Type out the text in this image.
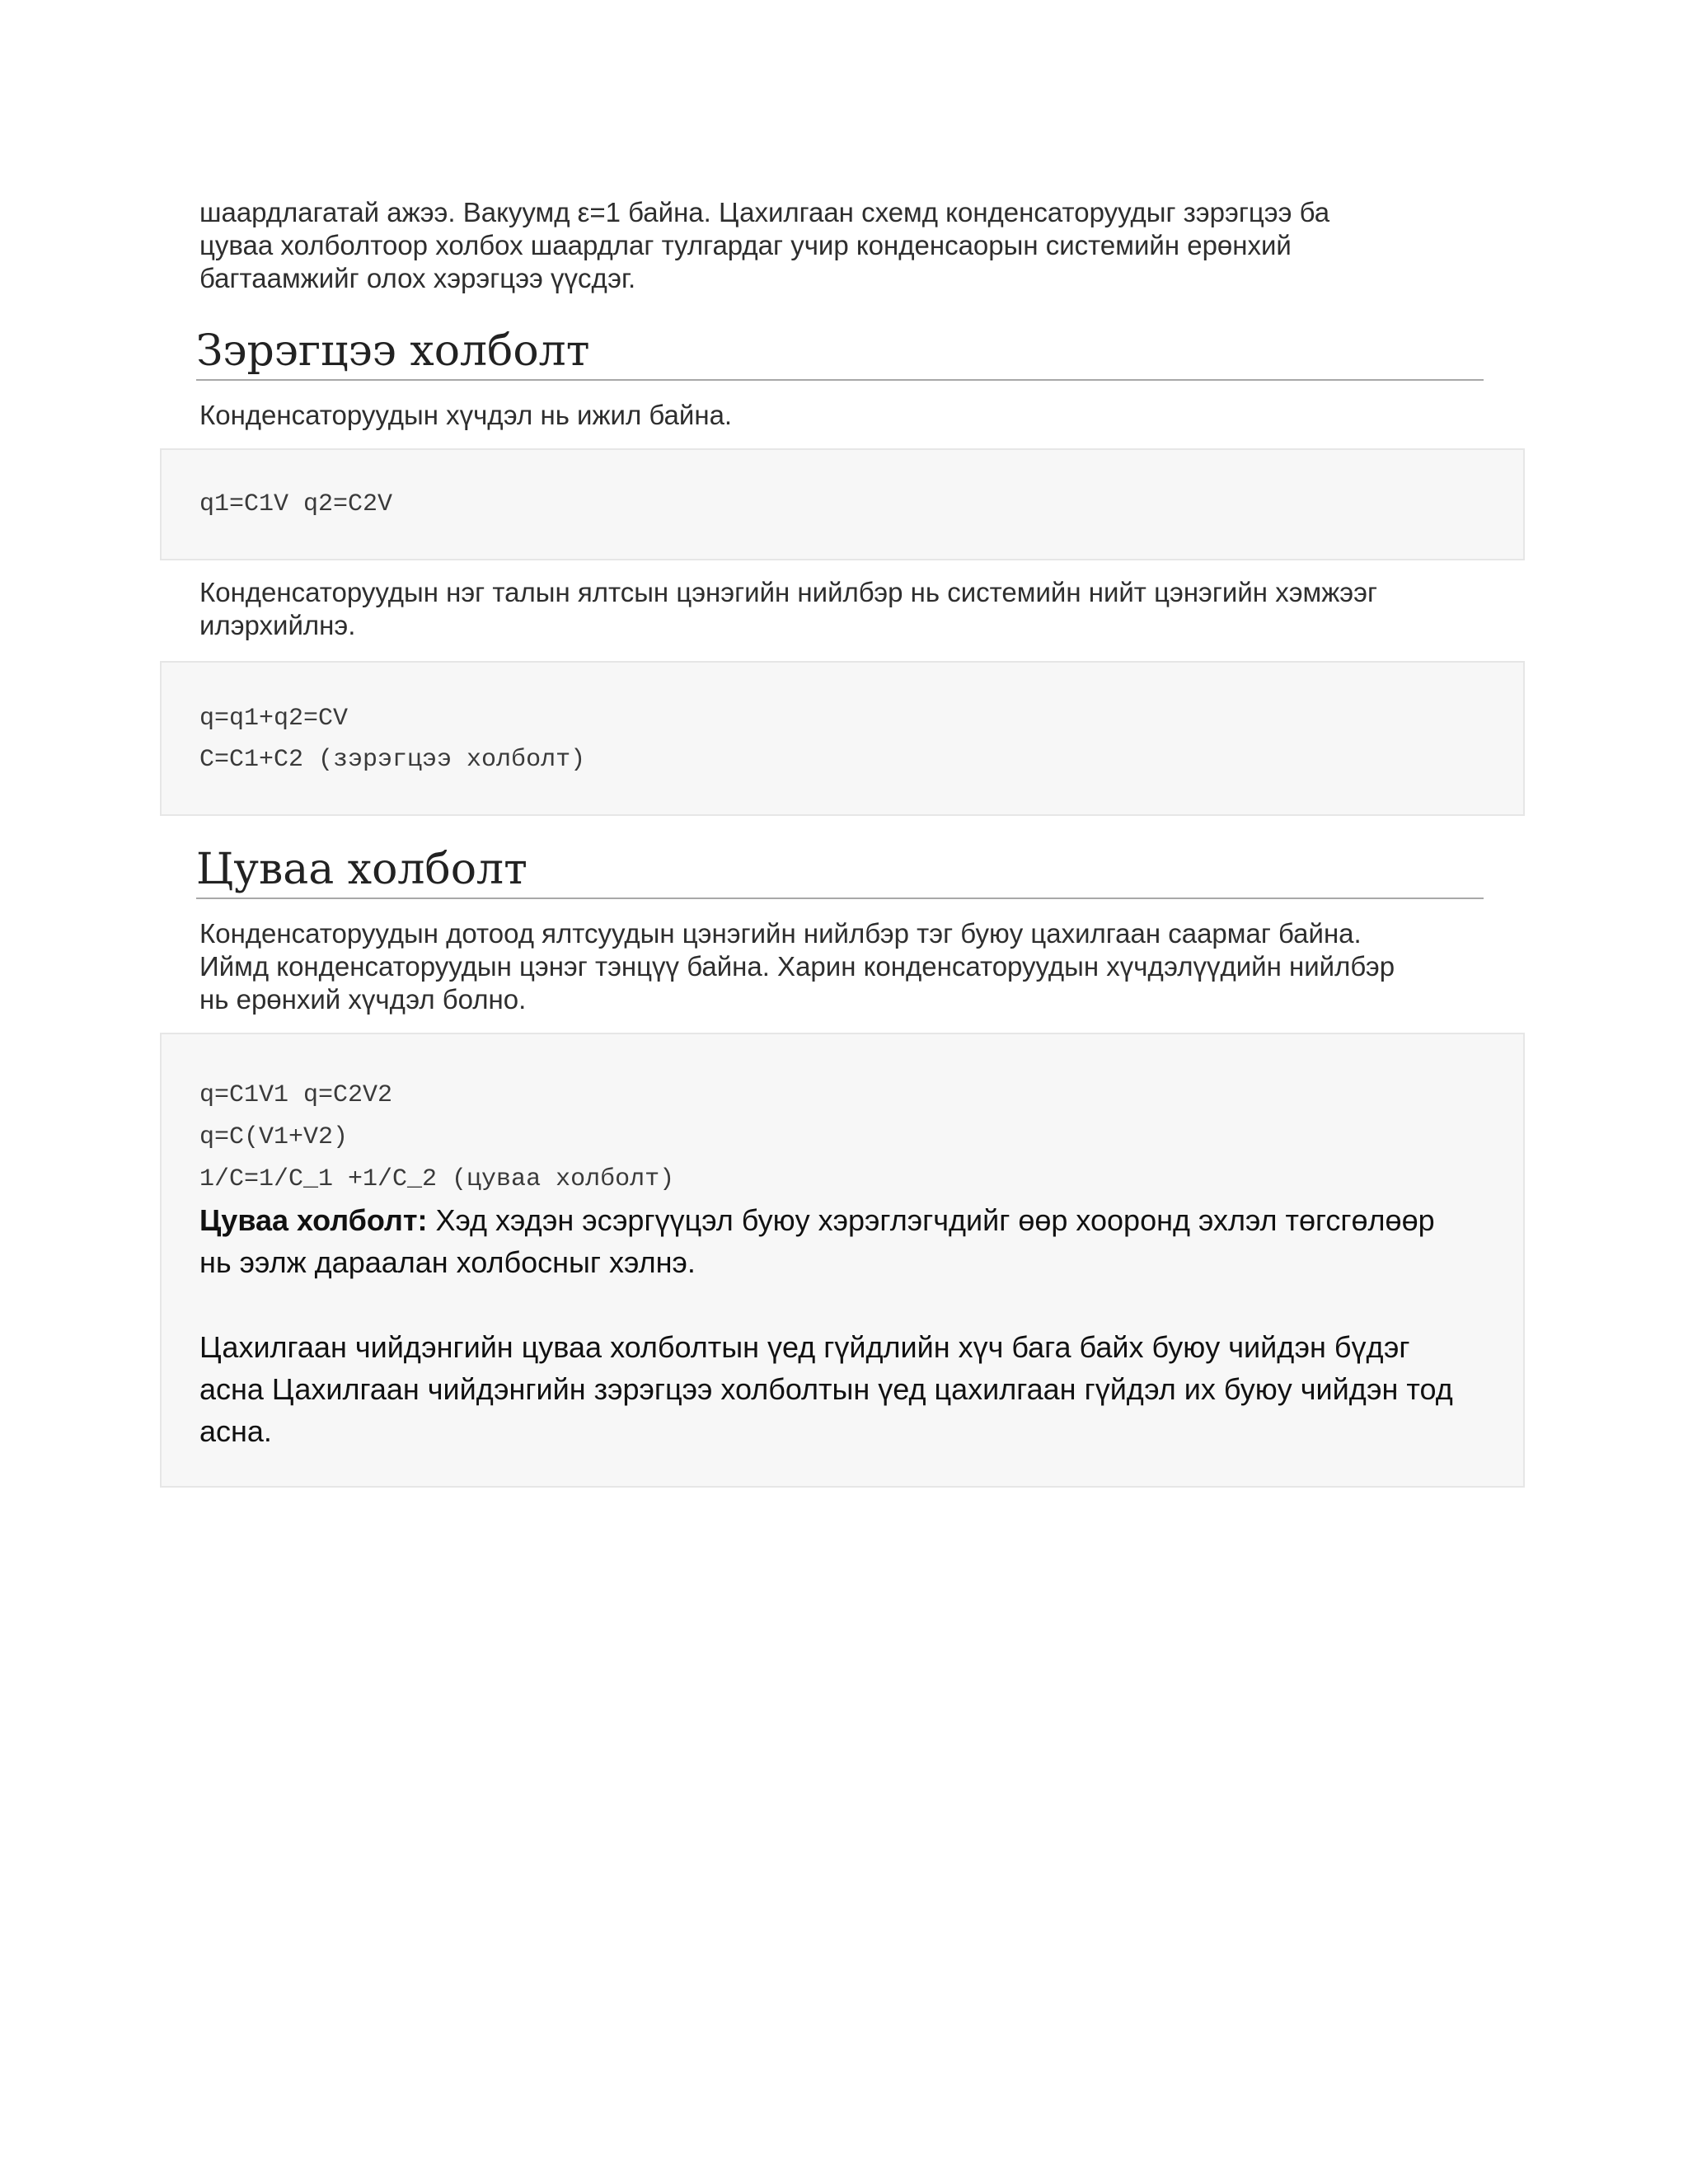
шаардлагатай ажээ. Вакуумд ε=1 байна. Цахилгаан схемд конденсаторуудыг зэрэгцээ ба
цуваа холболтоор холбох шаардлаг тулгардаг учир конденсаорын системийн ерөнхий
багтаамжийг олох хэрэгцээ үүсдэг.

Зэрэгцээ холболт

Конденсаторуудын хүчдэл нь ижил байна.

q1=C1V q2=C2V

Конденсаторуудын нэг талын ялтсын цэнэгийн нийлбэр нь системийн нийт цэнэгийн хэмжээг
илэрхийлнэ.

q=q1+q2=CV
C=C1+C2 (зэрэгцээ холболт)
Цуваа холболт

Конденсаторуудын дотоод ялтсуудын цэнэгийн нийлбэр тэг буюу цахилгаан саармаг байна.
Иймд конденсаторуудын цэнэг тэнцүү байна. Харин конденсаторуудын хүчдэлүүдийн нийлбэр
нь ерөнхий хүчдэл болно.

q=C1V1 q=C2V2
q=C(V1+V2)
1/C=1/C_1 +1/C_2 (цуваа холболт)
Цуваа холболт: Хэд хэдэн эсэргүүцэл буюу хэрэглэгчдийг өөр хооронд эхлэл төгсгөлөөр
нь ээлж дараалан холбосныг хэлнэ.
Цахилгаан чийдэнгийн цуваа холболтын үед гүйдлийн хүч бага байх буюу чийдэн бүдэг
асна Цахилгаан чийдэнгийн зэрэгцээ холболтын үед цахилгаан гүйдэл их буюу чийдэн тод
асна.
